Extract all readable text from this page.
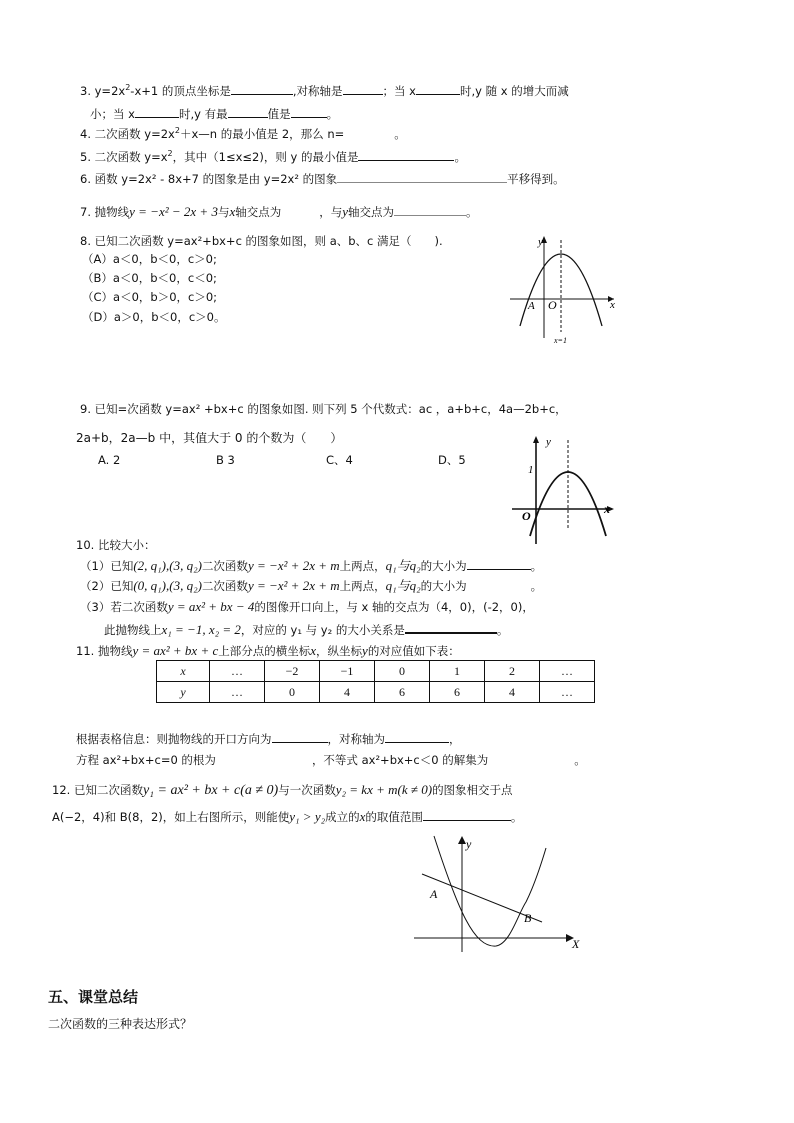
3. $y=2x^2-x+1$ 的顶点坐标是	,对称轴是	；当 x	时,y 随 x 的增大而减
小；当 x	时,y 有最	值是	。
4. 二次函数 $y=2x^2+x—n$ 的最小值是 2，那么 n=	。
5. 二次函数 $y=x^2$，其中（1≤x≤2)，则 y 的最小值是	。
6. 函数 y=2x² - 8x+7 的图象是由 y=2x² 的图象	平移得到。
7. 抛物线y = −x² − 2x + 3与x轴交点为	，与y轴交点为	。
8. 已知二次函数 y=ax²+bx+c 的图象如图，则 a、b、c 满足（　　).
（A）a＜0，b＜0，c＞0;
（B）a＜0，b＜0，c＜0;
（C）a＜0，b＞0，c＞0;
（D）a＞0，b＜0，c＞0。
y
x
A O
x=1
9. 已知=次函数 y=ax² +bx+c 的图象如图. 则下列 5 个代数式：ac ，a+b+c，4a—2b+c，
2a+b，2a—b 中，其值大于 0 的个数为（　　）
A. 2	B 3	C、4	D、5
y
x
1
O
10. 比较大小：
（1）已知(2, q₁),(3, q₂)二次函数y = −x² + 2x + m上两点，q₁与q₂的大小为	。
（2）已知(0, q₁),(3, q₂)二次函数y = −x² + 2x + m上两点，q₁与q₂的大小为	。
（3）若二次函数y = ax² + bx − 4的图像开口向上，与 x 轴的交点为（4，0)，(-2，0)，
此抛物线上x₁ = −1, x₂ = 2，对应的 y₁ 与 y₂ 的大小关系是	。
11. 抛物线y = ax² + bx + c上部分点的横坐标x，纵坐标y的对应值如下表：
x	…	−2	−1	0	1	2	…
y	…	0	4	6	6	4	…
根据表格信息：则抛物线的开口方向为	，对称轴为	，
方程 ax²+bx+c=0 的根为	，不等式 ax²+bx+c＜0 的解集为	。
12. 已知二次函数y₁ = ax² + bx + c(a ≠ 0)与一次函数y₂ = kx + m(k ≠ 0)的图象相交于点
A(−2，4)和 B(8，2)，如上右图所示，则能使y₁ > y₂成立的x的取值范围	。
y
X
A
B
五、课堂总结
二次函数的三种表达形式？
